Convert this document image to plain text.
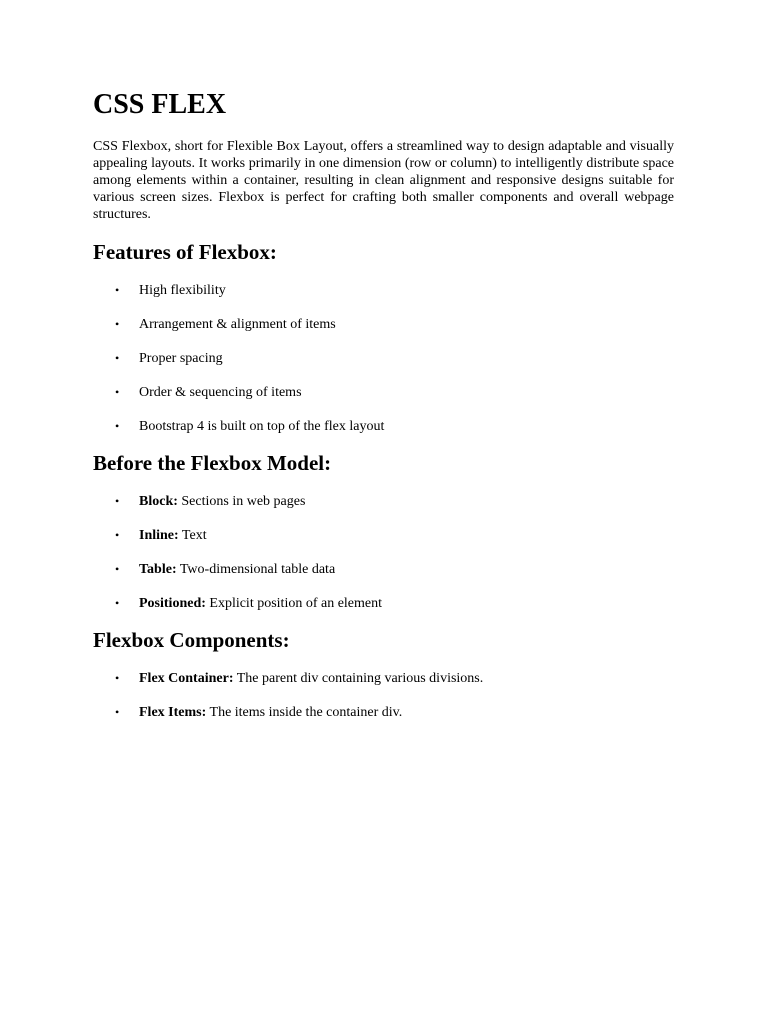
CSS FLEX

CSS Flexbox, short for Flexible Box Layout, offers a streamlined way to design adaptable and visually appealing layouts. It works primarily in one dimension (row or column) to intelligently distribute space among elements within a container, resulting in clean alignment and responsive designs suitable for various screen sizes. Flexbox is perfect for crafting both smaller components and overall webpage structures.

Features of Flexbox:
• High flexibility
• Arrangement & alignment of items
• Proper spacing
• Order & sequencing of items
• Bootstrap 4 is built on top of the flex layout
Before the Flexbox Model:
• Block: Sections in web pages
• Inline: Text
• Table: Two-dimensional table data
• Positioned: Explicit position of an element
Flexbox Components:
• Flex Container: The parent div containing various divisions.
• Flex Items: The items inside the container div.
